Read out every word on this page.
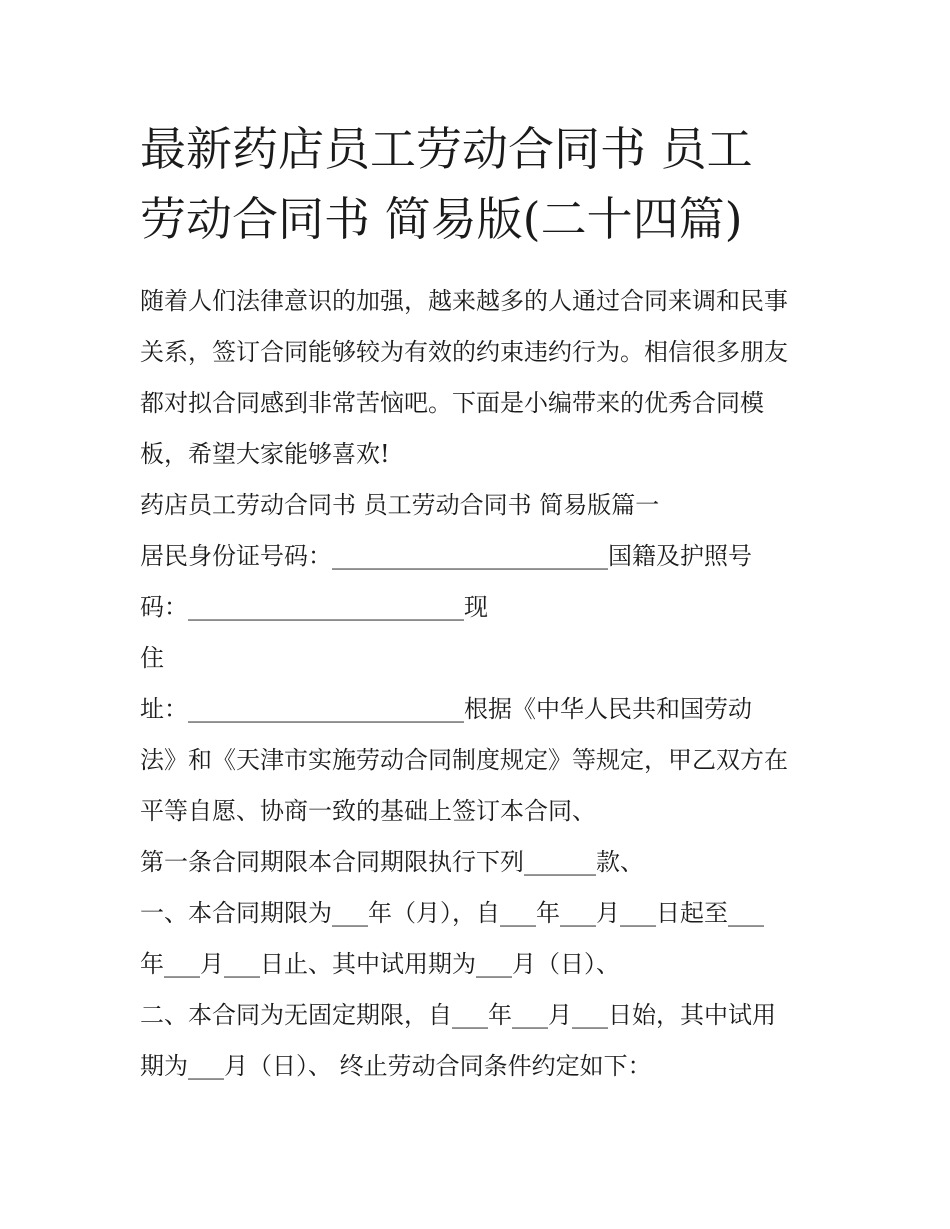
最新药店员工劳动合同书 员工
劳动合同书 简易版(二十四篇)
随着人们法律意识的加强，越来越多的人通过合同来调和民事
关系，签订合同能够较为有效的约束违约行为。相信很多朋友
都对拟合同感到非常苦恼吧。下面是小编带来的优秀合同模
板，希望大家能够喜欢!
药店员工劳动合同书 员工劳动合同书 简易版篇一
居民身份证号码：_______________________国籍及护照号
码：_______________________现
住
址：_______________________根据《中华人民共和国劳动
法》和《天津市实施劳动合同制度规定》等规定，甲乙双方在
平等自愿、协商一致的基础上签订本合同、
第一条合同期限本合同期限执行下列______款、
一、本合同期限为___年（月），自___年___月___日起至___
年___月___日止、其中试用期为___月（日）、
二、本合同为无固定期限，自___年___月___日始，其中试用
期为___月（日）、 终止劳动合同条件约定如下：
